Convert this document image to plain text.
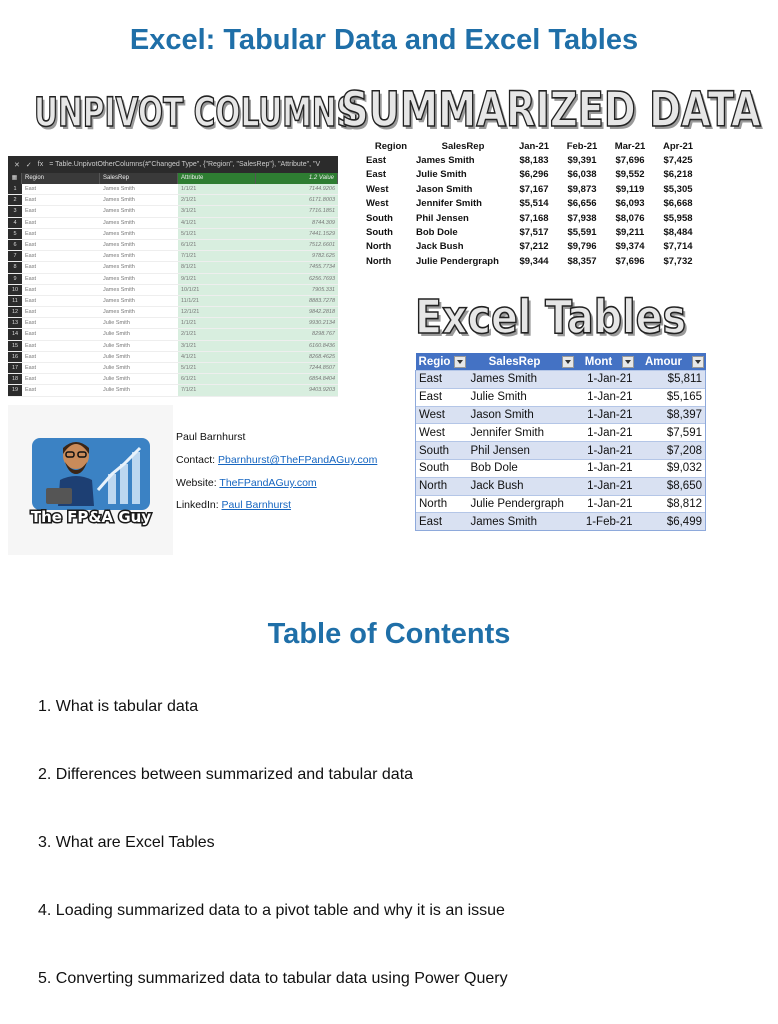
Excel: Tabular Data and Excel Tables
UNPIVOT COLUMNS
SUMMARIZED DATA
Excel Tables
✕ ✓ fx = Table.UnpivotOtherColumns(#"Changed Type", {"Region", "SalesRep"}, "Attribute", "V
▦	Region	SalesRep	Attribute	1.2 Value
1	East	James Smith	1/1/21	7144.9206
2	East	James Smith	2/1/21	6171.8003
3	East	James Smith	3/1/21	7716.1851
4	East	James Smith	4/1/21	8744.309
5	East	James Smith	5/1/21	7441.1529
6	East	James Smith	6/1/21	7512.6601
7	East	James Smith	7/1/21	9782.625
8	East	James Smith	8/1/21	7455.7734
9	East	James Smith	9/1/21	6256.7693
10	East	James Smith	10/1/21	7905.331
11	East	James Smith	11/1/21	8883.7278
12	East	James Smith	12/1/21	9842.2818
13	East	Julie Smith	1/1/21	9930.2134
14	East	Julie Smith	2/1/21	8298.767
15	East	Julie Smith	3/1/21	6160.8436
16	East	Julie Smith	4/1/21	8268.4625
17	East	Julie Smith	5/1/21	7244.8507
18	East	Julie Smith	6/1/21	6854.8404
19	East	Julie Smith	7/1/21	9403.9203
Region	SalesRep	Jan-21	Feb-21	Mar-21	Apr-21
East	James Smith	$8,183	$9,391	$7,696	$7,425
East	Julie Smith	$6,296	$6,038	$9,552	$6,218
West	Jason Smith	$7,167	$9,873	$9,119	$5,305
West	Jennifer Smith	$5,514	$6,656	$6,093	$6,668
South	Phil Jensen	$7,168	$7,938	$8,076	$5,958
South	Bob Dole	$7,517	$5,591	$9,211	$8,484
North	Jack Bush	$7,212	$9,796	$9,374	$7,714
North	Julie Pendergraph	$9,344	$8,357	$7,696	$7,732
Regio	SalesRep	Mont	Amour

East	James Smith	1-Jan-21	$5,811
East	Julie Smith	1-Jan-21	$5,165
West	Jason Smith	1-Jan-21	$8,397
West	Jennifer Smith	1-Jan-21	$7,591
South	Phil Jensen	1-Jan-21	$7,208
South	Bob Dole	1-Jan-21	$9,032
North	Jack Bush	1-Jan-21	$8,650
North	Julie Pendergraph	1-Jan-21	$8,812
East	James Smith	1-Feb-21	$6,499
The FP&A Guy
Paul Barnhurst
Contact: Pbarnhurst@TheFPandAGuy.com
Website: TheFPandAGuy.com
LinkedIn: Paul Barnhurst
Table of Contents
1. What is tabular data
2. Differences between summarized and tabular data
3. What are Excel Tables
4. Loading summarized data to a pivot table and why it is an issue
5. Converting summarized data to tabular data using Power Query
